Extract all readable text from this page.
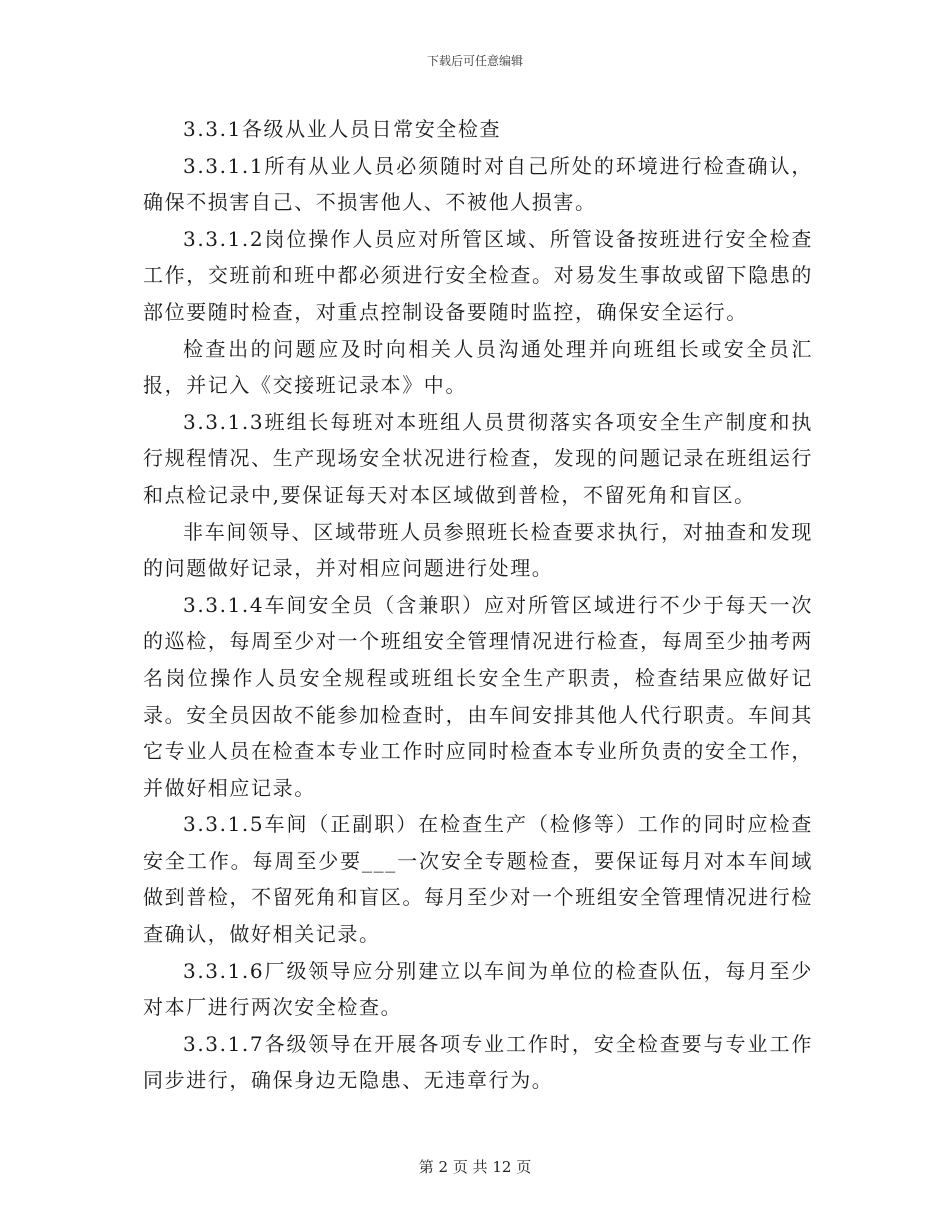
下载后可任意编辑

3.3.1各级从业人员日常安全检查

3.3.1.1所有从业人员必须随时对自己所处的环境进行检查确认，确保不损害自己、不损害他人、不被他人损害。

3.3.1.2岗位操作人员应对所管区域、所管设备按班进行安全检查工作，交班前和班中都必须进行安全检查。对易发生事故或留下隐患的部位要随时检查，对重点控制设备要随时监控，确保安全运行。

检查出的问题应及时向相关人员沟通处理并向班组长或安全员汇报，并记入《交接班记录本》中。

3.3.1.3班组长每班对本班组人员贯彻落实各项安全生产制度和执行规程情况、生产现场安全状况进行检查，发现的问题记录在班组运行和点检记录中,要保证每天对本区域做到普检，不留死角和盲区。

非车间领导、区域带班人员参照班长检查要求执行，对抽查和发现的问题做好记录，并对相应问题进行处理。

3.3.1.4车间安全员（含兼职）应对所管区域进行不少于每天一次的巡检，每周至少对一个班组安全管理情况进行检查，每周至少抽考两名岗位操作人员安全规程或班组长安全生产职责，检查结果应做好记录。安全员因故不能参加检查时，由车间安排其他人代行职责。车间其它专业人员在检查本专业工作时应同时检查本专业所负责的安全工作，并做好相应记录。

3.3.1.5车间（正副职）在检查生产（检修等）工作的同时应检查安全工作。每周至少要___一次安全专题检查，要保证每月对本车间域做到普检，不留死角和盲区。每月至少对一个班组安全管理情况进行检查确认，做好相关记录。

3.3.1.6厂级领导应分别建立以车间为单位的检查队伍，每月至少对本厂进行两次安全检查。

3.3.1.7各级领导在开展各项专业工作时，安全检查要与专业工作同步进行，确保身边无隐患、无违章行为。

第 2 页 共 12 页
